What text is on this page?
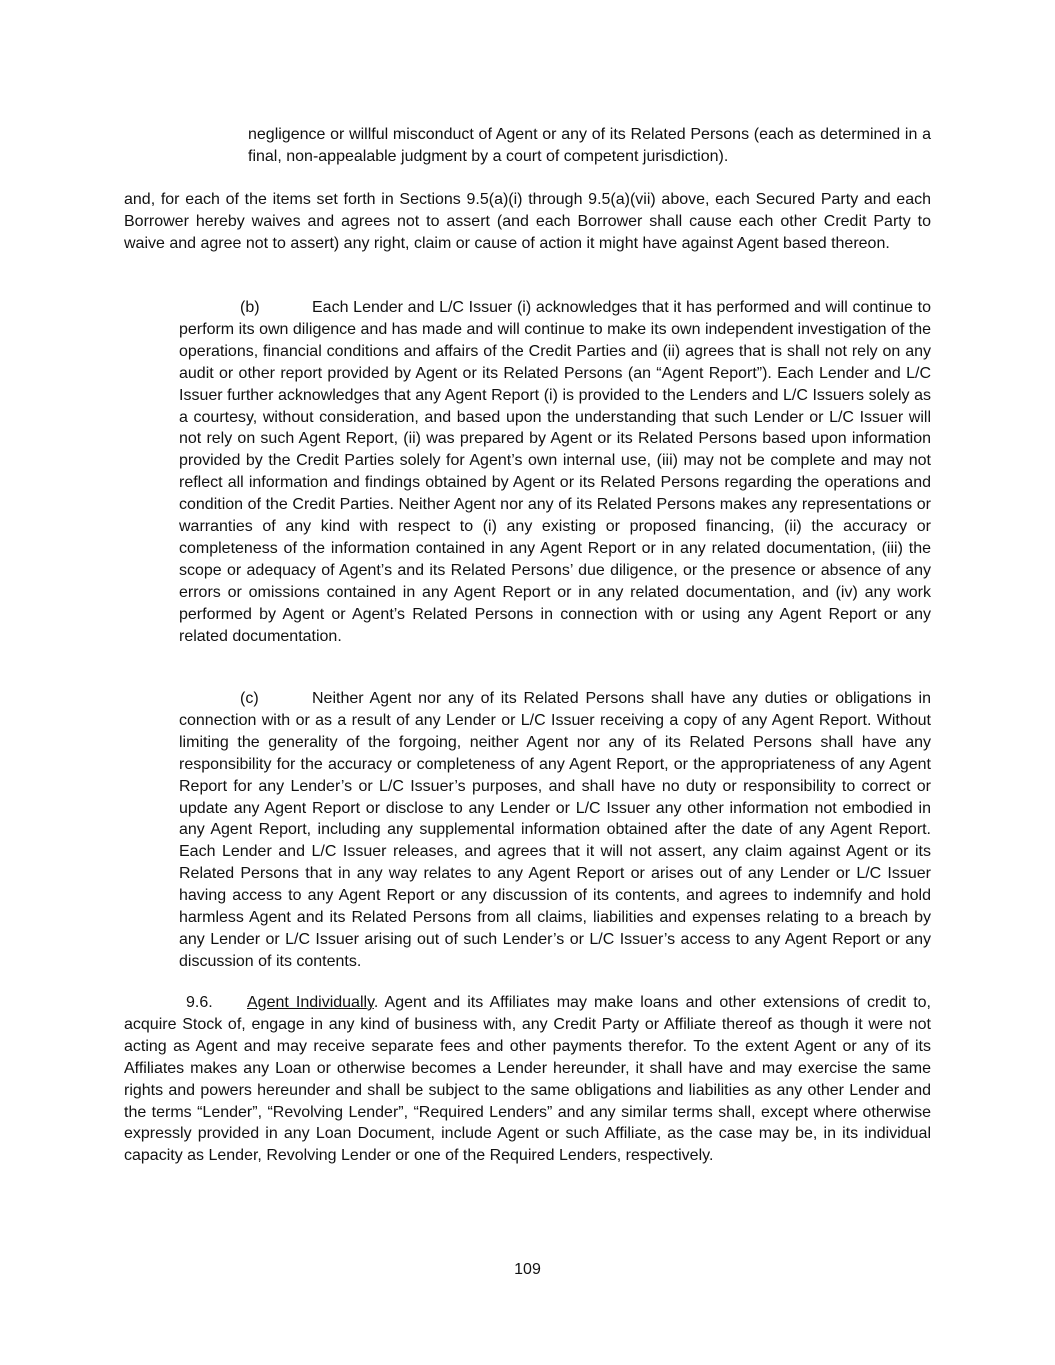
negligence or willful misconduct of Agent or any of its Related Persons (each as determined in a final, non-appealable judgment by a court of competent jurisdiction).

and, for each of the items set forth in Sections 9.5(a)(i) through 9.5(a)(vii) above, each Secured Party and each Borrower hereby waives and agrees not to assert (and each Borrower shall cause each other Credit Party to waive and agree not to assert) any right, claim or cause of action it might have against Agent based thereon.

(b)	Each Lender and L/C Issuer (i) acknowledges that it has performed and will continue to perform its own diligence and has made and will continue to make its own independent investigation of the operations, financial conditions and affairs of the Credit Parties and (ii) agrees that is shall not rely on any audit or other report provided by Agent or its Related Persons (an “Agent Report”). Each Lender and L/C Issuer further acknowledges that any Agent Report (i) is provided to the Lenders and L/C Issuers solely as a courtesy, without consideration, and based upon the understanding that such Lender or L/C Issuer will not rely on such Agent Report, (ii) was prepared by Agent or its Related Persons based upon information provided by the Credit Parties solely for Agent’s own internal use, (iii) may not be complete and may not reflect all information and findings obtained by Agent or its Related Persons regarding the operations and condition of the Credit Parties. Neither Agent nor any of its Related Persons makes any representations or warranties of any kind with respect to (i) any existing or proposed financing, (ii) the accuracy or completeness of the information contained in any Agent Report or in any related documentation, (iii) the scope or adequacy of Agent’s and its Related Persons’ due diligence, or the presence or absence of any errors or omissions contained in any Agent Report or in any related documentation, and (iv) any work performed by Agent or Agent’s Related Persons in connection with or using any Agent Report or any related documentation.

(c)	Neither Agent nor any of its Related Persons shall have any duties or obligations in connection with or as a result of any Lender or L/C Issuer receiving a copy of any Agent Report. Without limiting the generality of the forgoing, neither Agent nor any of its Related Persons shall have any responsibility for the accuracy or completeness of any Agent Report, or the appropriateness of any Agent Report for any Lender’s or L/C Issuer’s purposes, and shall have no duty or responsibility to correct or update any Agent Report or disclose to any Lender or L/C Issuer any other information not embodied in any Agent Report, including any supplemental information obtained after the date of any Agent Report. Each Lender and L/C Issuer releases, and agrees that it will not assert, any claim against Agent or its Related Persons that in any way relates to any Agent Report or arises out of any Lender or L/C Issuer having access to any Agent Report or any discussion of its contents, and agrees to indemnify and hold harmless Agent and its Related Persons from all claims, liabilities and expenses relating to a breach by any Lender or L/C Issuer arising out of such Lender’s or L/C Issuer’s access to any Agent Report or any discussion of its contents.

9.6. Agent Individually. Agent and its Affiliates may make loans and other extensions of credit to, acquire Stock of, engage in any kind of business with, any Credit Party or Affiliate thereof as though it were not acting as Agent and may receive separate fees and other payments therefor. To the extent Agent or any of its Affiliates makes any Loan or otherwise becomes a Lender hereunder, it shall have and may exercise the same rights and powers hereunder and shall be subject to the same obligations and liabilities as any other Lender and the terms “Lender”, “Revolving Lender”, “Required Lenders” and any similar terms shall, except where otherwise expressly provided in any Loan Document, include Agent or such Affiliate, as the case may be, in its individual capacity as Lender, Revolving Lender or one of the Required Lenders, respectively.

109
